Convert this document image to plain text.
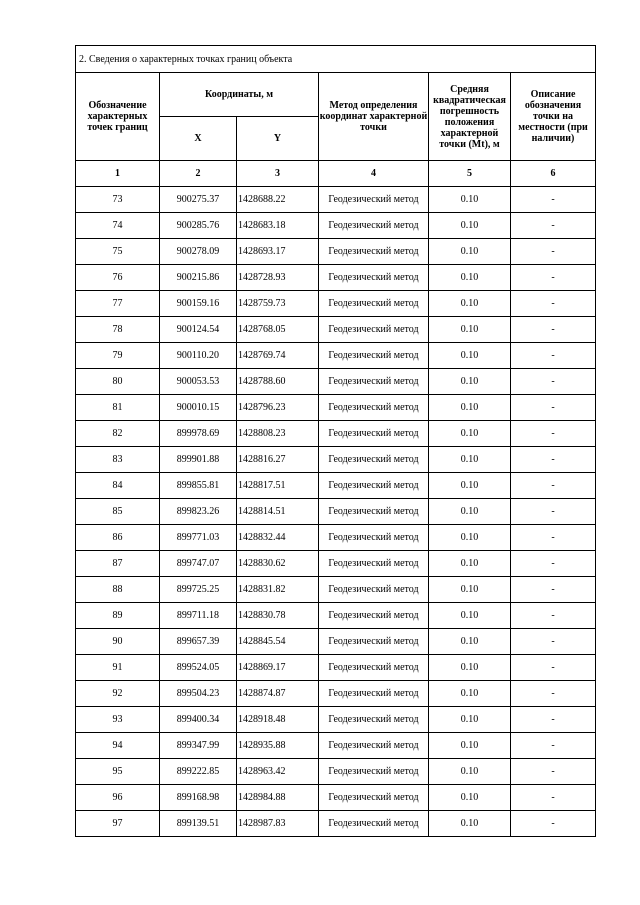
2. Сведения о характерных точках границ объекта					
Обозначение характерных точек границ	Координаты, м		Метод определения координат характерной точки	Средняя квадратическая погрешность положения характерной точки (Mt), м	Описание обозначения точки на местности (при наличии)
	X	Y			
1	2	3	4	5	6
73	900275.37	1428688.22	Геодезический метод	0.10	-
74	900285.76	1428683.18	Геодезический метод	0.10	-
75	900278.09	1428693.17	Геодезический метод	0.10	-
76	900215.86	1428728.93	Геодезический метод	0.10	-
77	900159.16	1428759.73	Геодезический метод	0.10	-
78	900124.54	1428768.05	Геодезический метод	0.10	-
79	900110.20	1428769.74	Геодезический метод	0.10	-
80	900053.53	1428788.60	Геодезический метод	0.10	-
81	900010.15	1428796.23	Геодезический метод	0.10	-
82	899978.69	1428808.23	Геодезический метод	0.10	-
83	899901.88	1428816.27	Геодезический метод	0.10	-
84	899855.81	1428817.51	Геодезический метод	0.10	-
85	899823.26	1428814.51	Геодезический метод	0.10	-
86	899771.03	1428832.44	Геодезический метод	0.10	-
87	899747.07	1428830.62	Геодезический метод	0.10	-
88	899725.25	1428831.82	Геодезический метод	0.10	-
89	899711.18	1428830.78	Геодезический метод	0.10	-
90	899657.39	1428845.54	Геодезический метод	0.10	-
91	899524.05	1428869.17	Геодезический метод	0.10	-
92	899504.23	1428874.87	Геодезический метод	0.10	-
93	899400.34	1428918.48	Геодезический метод	0.10	-
94	899347.99	1428935.88	Геодезический метод	0.10	-
95	899222.85	1428963.42	Геодезический метод	0.10	-
96	899168.98	1428984.88	Геодезический метод	0.10	-
97	899139.51	1428987.83	Геодезический метод	0.10	-
